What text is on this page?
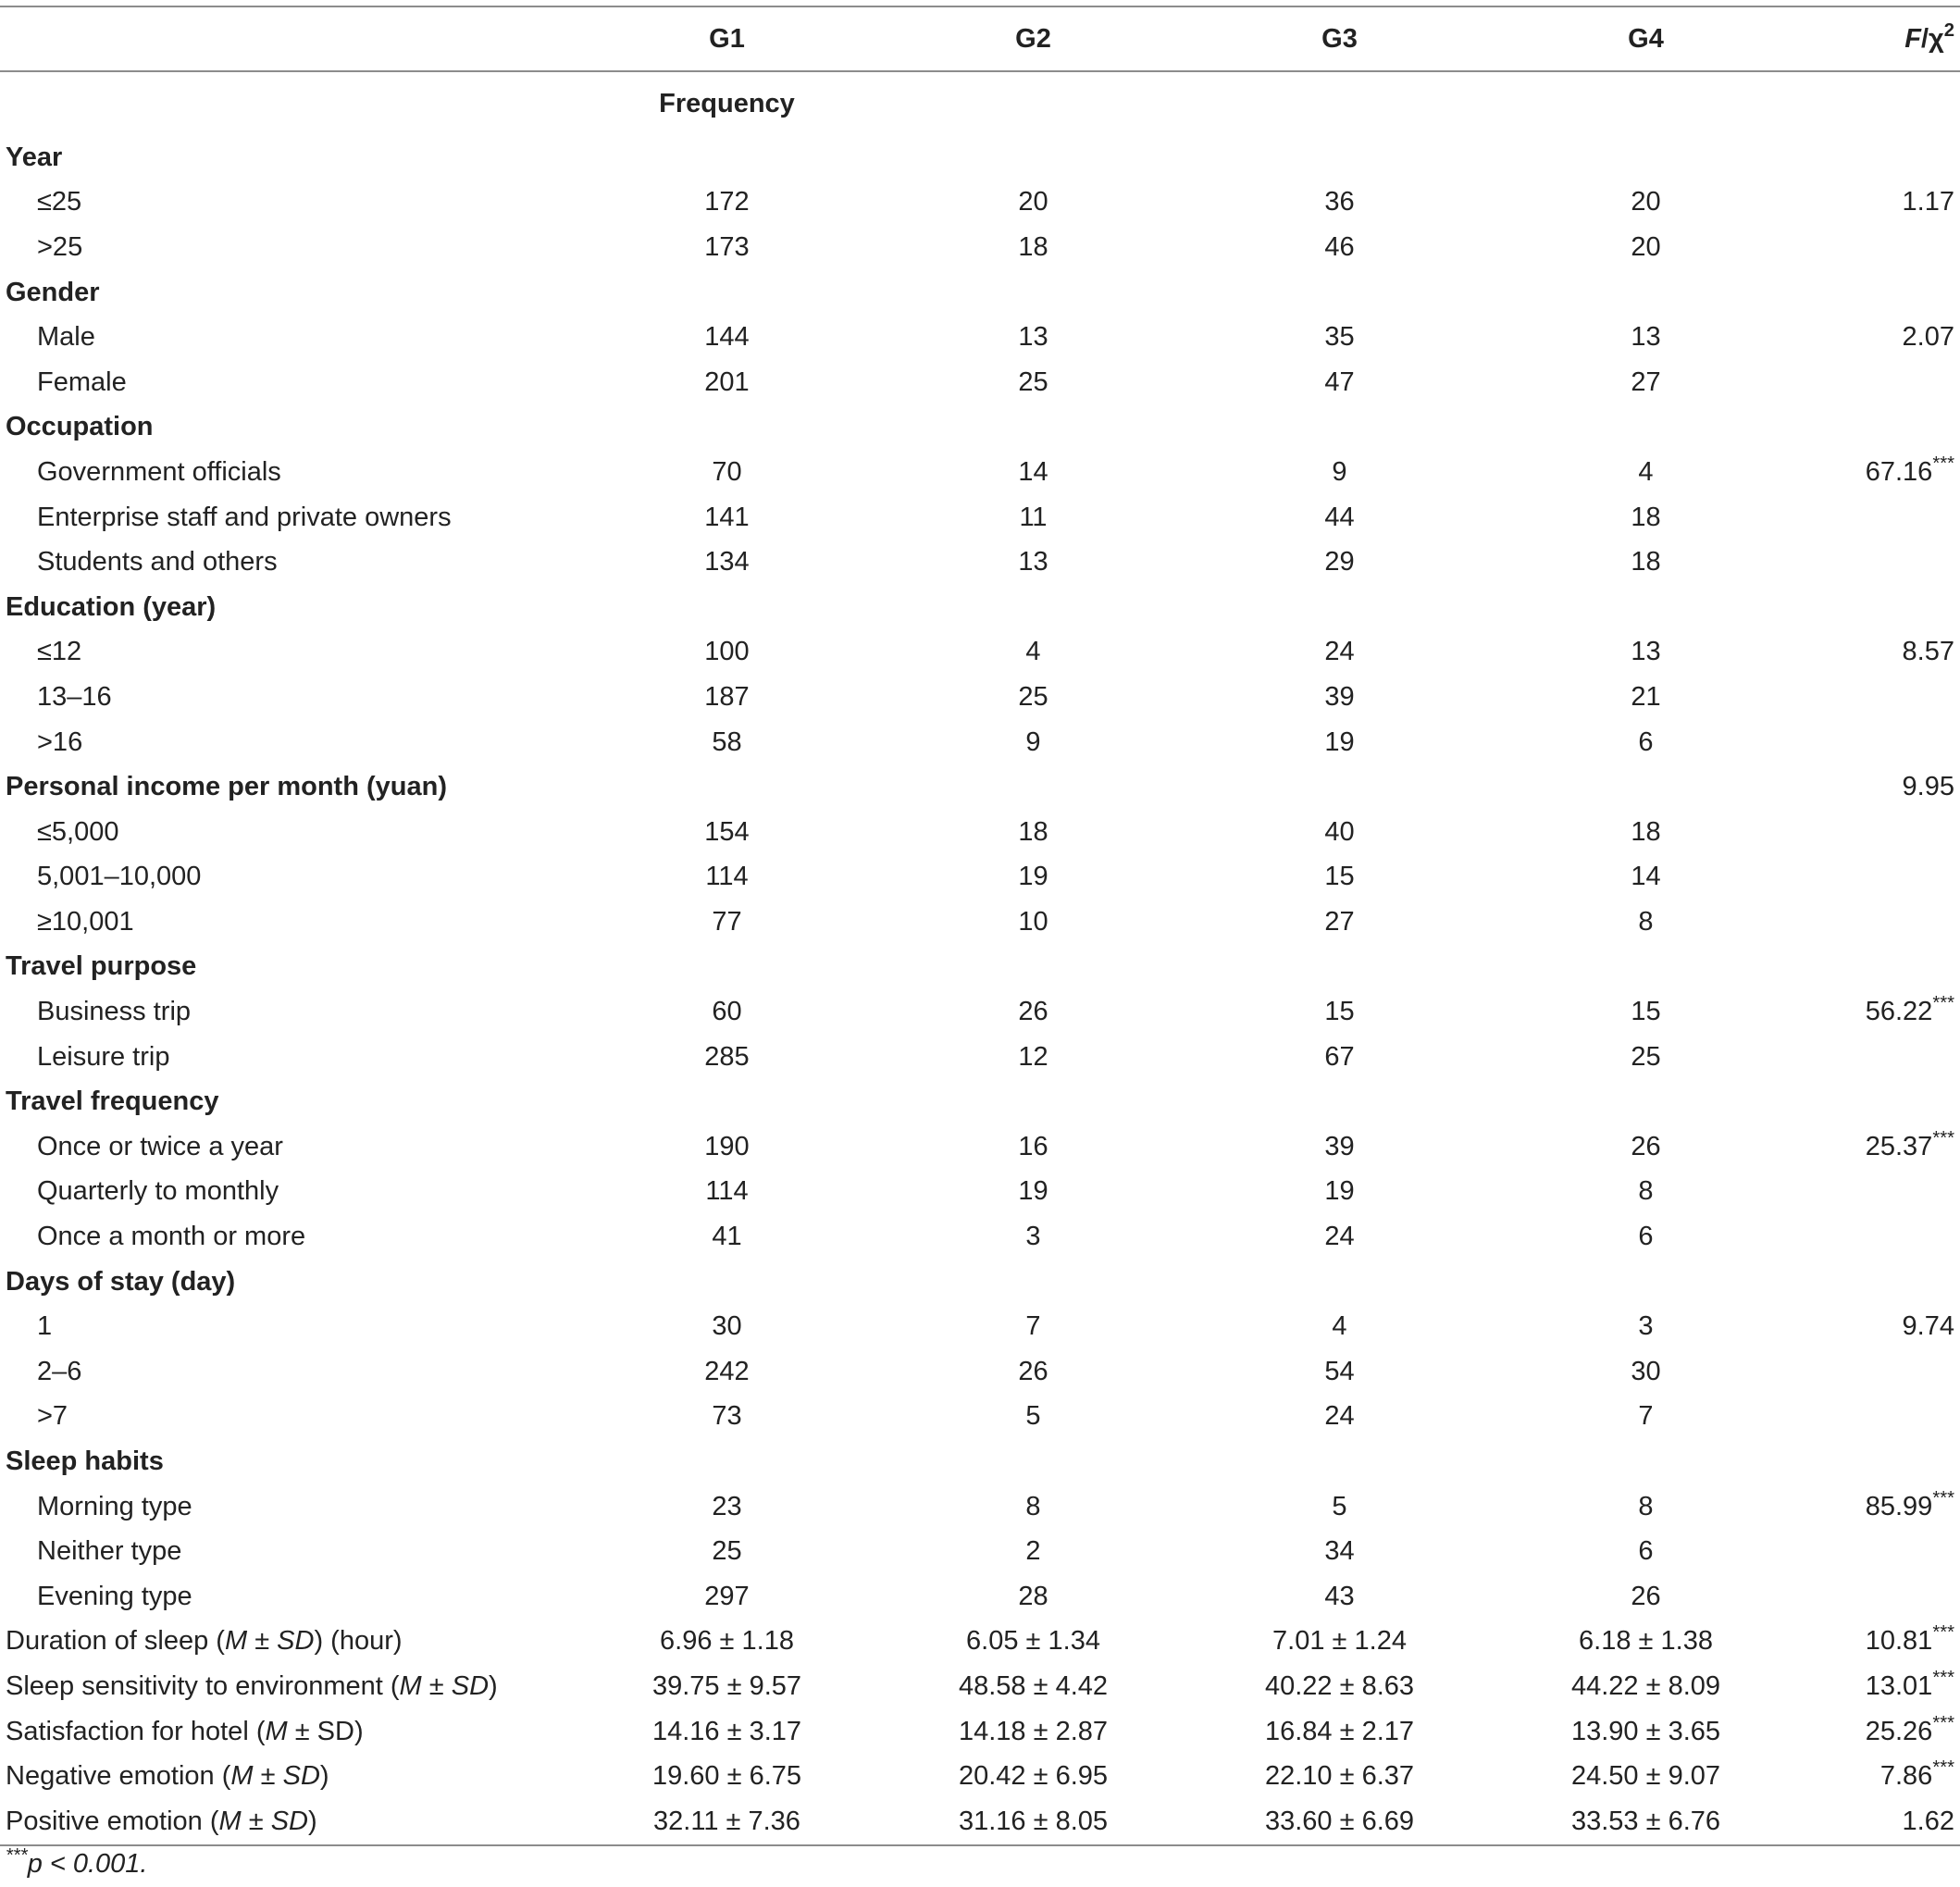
	G1	G2	G3	G4	$F/\chi^2$
	Frequency				
Year					
≤25	172	20	36	20	1.17
>25	173	18	46	20	
Gender					
Male	144	13	35	13	2.07
Female	201	25	47	27	
Occupation					
Government officials	70	14	9	4	67.16***
Enterprise staff and private owners	141	11	44	18	
Students and others	134	13	29	18	
Education (year)					
≤12	100	4	24	13	8.57
13–16	187	25	39	21	
>16	58	9	19	6	
Personal income per month (yuan)					9.95
≤5,000	154	18	40	18	
5,001–10,000	114	19	15	14	
≥10,001	77	10	27	8	
Travel purpose					
Business trip	60	26	15	15	56.22***
Leisure trip	285	12	67	25	
Travel frequency					
Once or twice a year	190	16	39	26	25.37***
Quarterly to monthly	114	19	19	8	
Once a month or more	41	3	24	6	
Days of stay (day)					
1	30	7	4	3	9.74
2–6	242	26	54	30	
>7	73	5	24	7	
Sleep habits					
Morning type	23	8	5	8	85.99***
Neither type	25	2	34	6	
Evening type	297	28	43	26	
Duration of sleep (M ± SD) (hour)	6.96 ± 1.18	6.05 ± 1.34	7.01 ± 1.24	6.18 ± 1.38	10.81***
Sleep sensitivity to environment (M ± SD)	39.75 ± 9.57	48.58 ± 4.42	40.22 ± 8.63	44.22 ± 8.09	13.01***
Satisfaction for hotel (M ± SD)	14.16 ± 3.17	14.18 ± 2.87	16.84 ± 2.17	13.90 ± 3.65	25.26***
Negative emotion (M ± SD)	19.60 ± 6.75	20.42 ± 6.95	22.10 ± 6.37	24.50 ± 9.07	7.86***
Positive emotion (M ± SD)	32.11 ± 7.36	31.16 ± 8.05	33.60 ± 6.69	33.53 ± 6.76	1.62
***p < 0.001.
